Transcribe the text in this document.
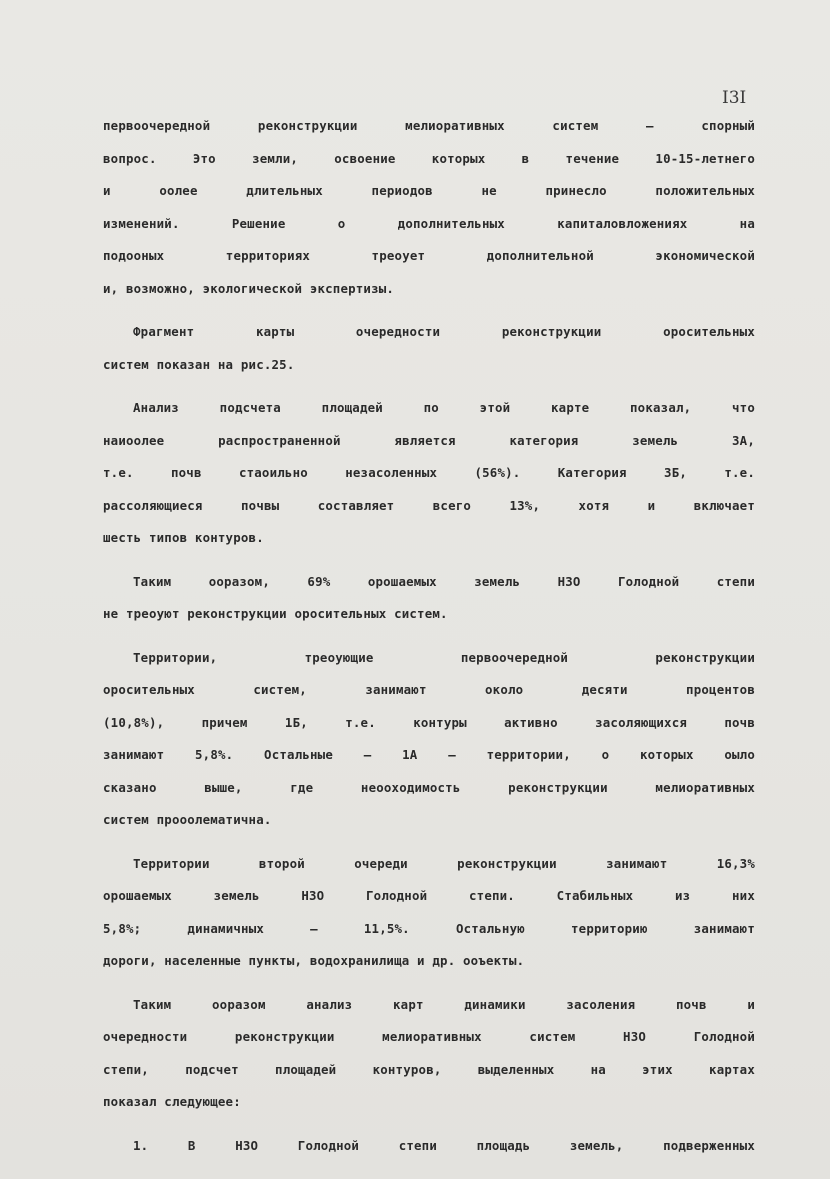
I3I
первоочередной реконструкции мелиоративных систем – спорный
вопрос. Это земли, освоение которых в течение 10-15-летнего
и оолее длительных периодов не принесло положительных
изменений. Решение о дополнительных капиталовложениях на
подооных территориях треоует дополнительной экономической
и, возможно, экологической экспертизы.
Фрагмент карты очередности реконструкции оросительных
систем показан на рис.25.
Анализ подсчета площадей по этой карте показал, что
наиоолее распространенной является категория земель 3А,
т.е. почв стаоильно незасоленных (56%). Категория 3Б, т.е.
рассоляющиеся почвы составляет всего 13%, хотя и включает
шесть типов контуров.
Таким ооразом, 69% орошаемых земель НЗО Голодной степи
не треоуют реконструкции оросительных систем.
Территории, треоующие первоочередной реконструкции
оросительных систем, занимают около десяти процентов
(10,8%), причем 1Б, т.е. контуры активно засоляющихся почв
занимают 5,8%. Остальные – 1А – территории, о которых оыло
сказано выше, где неооходимость реконструкции мелиоративных
систем прооолематична.
Территории второй очереди реконструкции занимают 16,3%
орошаемых земель НЗО Голодной степи. Стабильных из них
5,8%; динамичных – 11,5%. Остальную территорию занимают
дороги, населенные пункты, водохранилища и др. ооъекты.
Таким ооразом анализ карт динамики засоления почв и
очередности реконструкции мелиоративных систем НЗО Голодной
степи, подсчет площадей контуров, выделенных на этих картах
показал следующее:
1. В НЗО Голодной степи площадь земель, подверженных
